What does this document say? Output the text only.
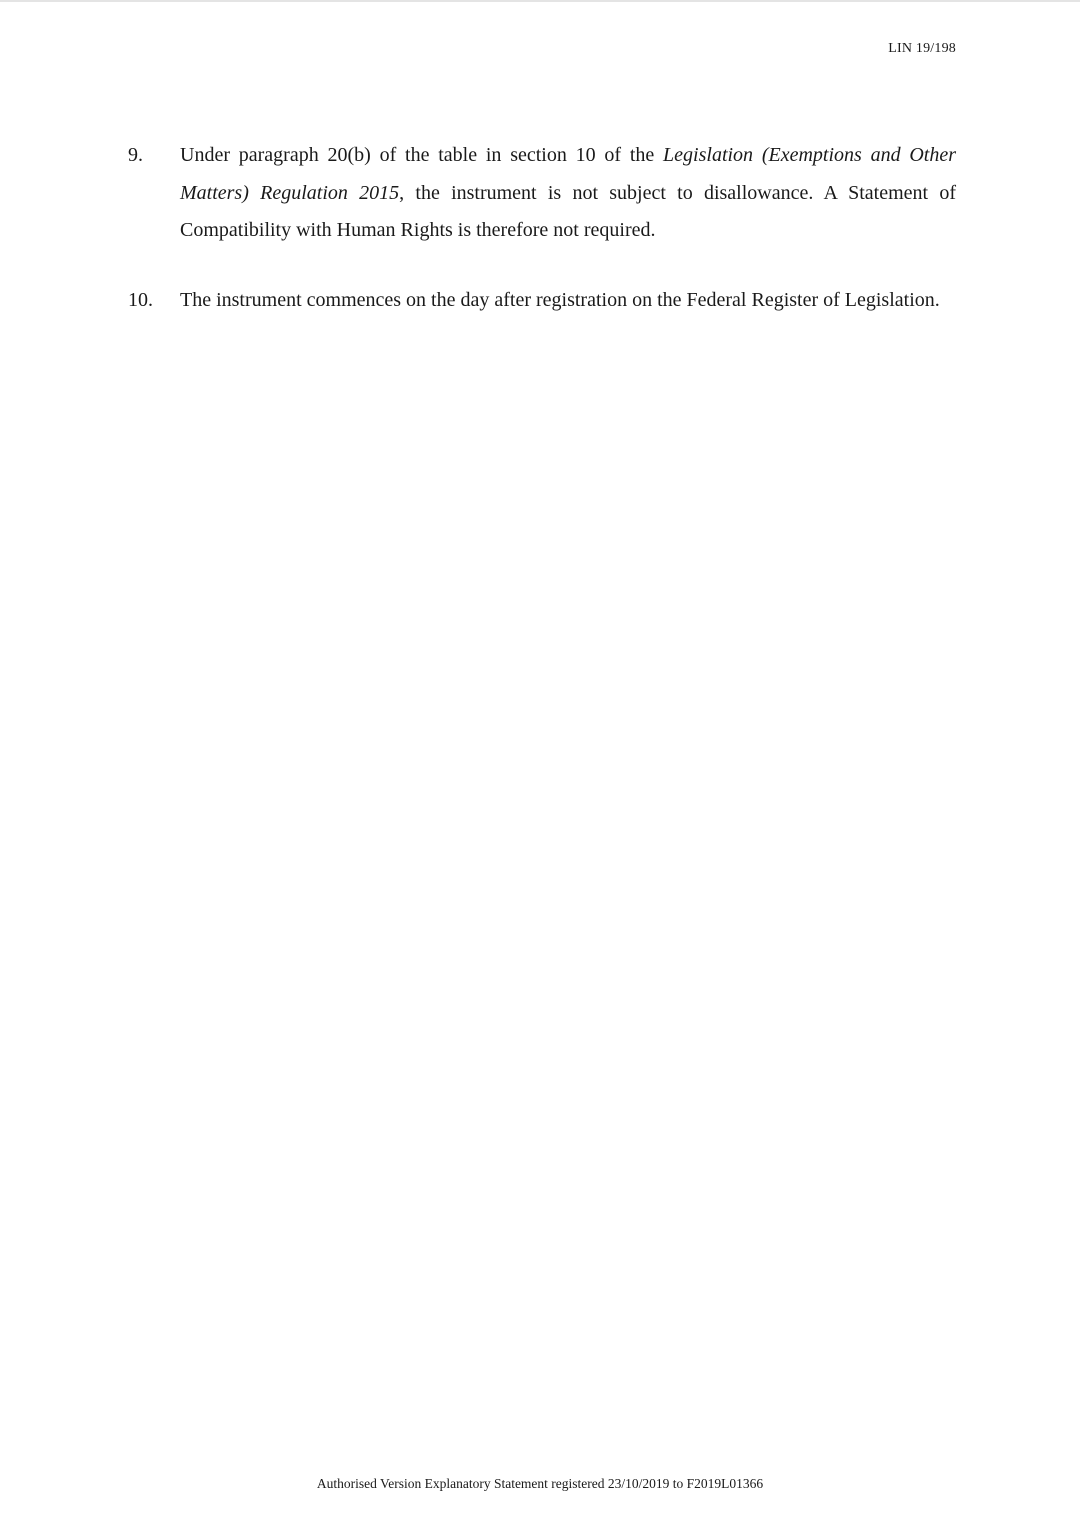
LIN 19/198
9. Under paragraph 20(b) of the table in section 10 of the Legislation (Exemptions and Other Matters) Regulation 2015, the instrument is not subject to disallowance. A Statement of Compatibility with Human Rights is therefore not required.
10. The instrument commences on the day after registration on the Federal Register of Legislation.
Authorised Version Explanatory Statement registered 23/10/2019 to F2019L01366
